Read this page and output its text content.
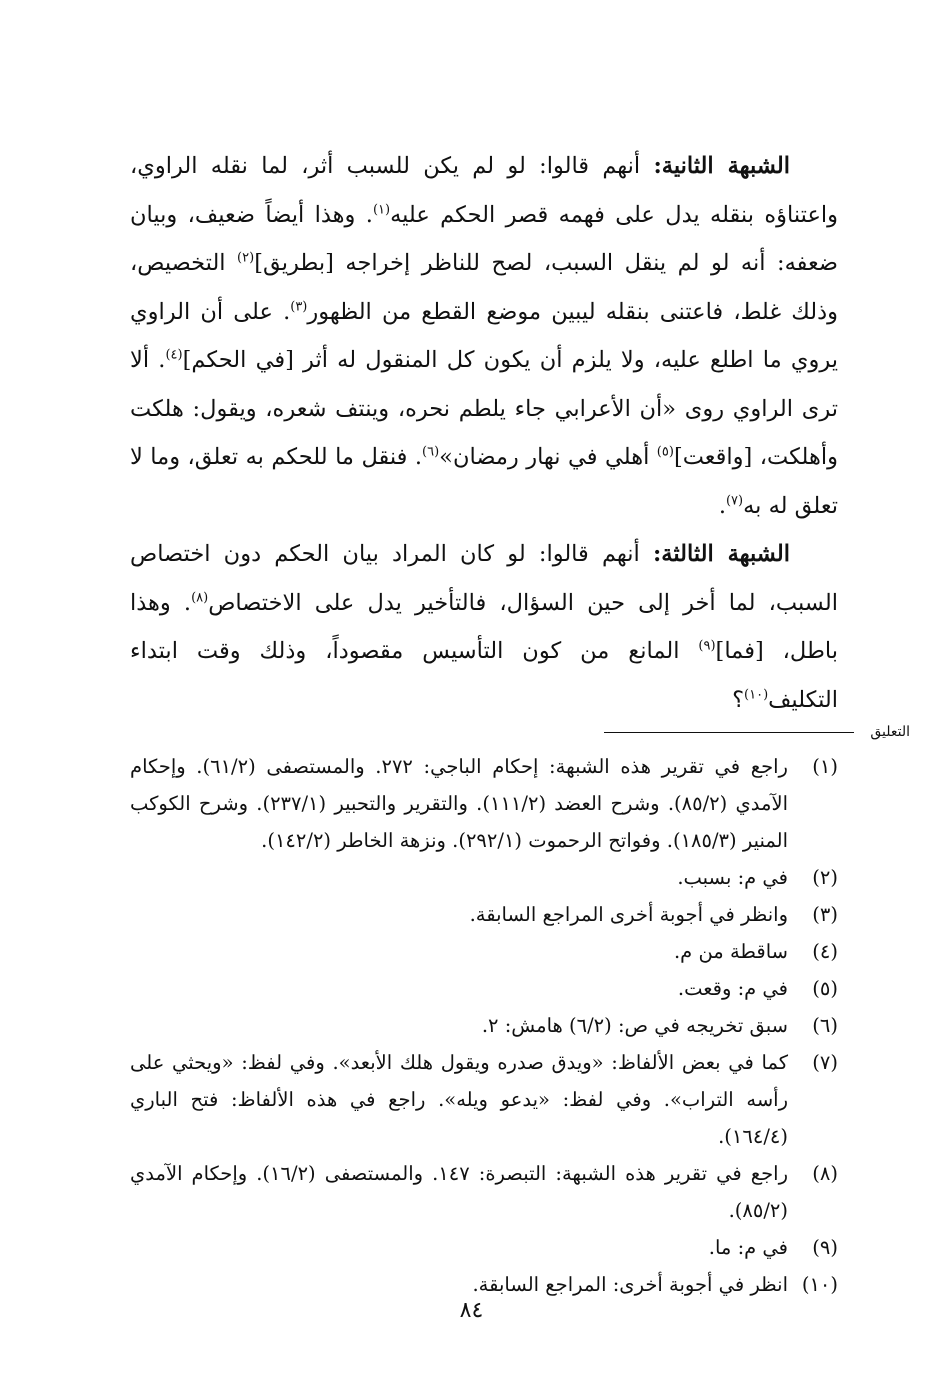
الشبهة الثانية: أنهم قالوا: لو لم يكن للسبب أثر، لما نقله الراوي، واعتناؤه بنقله يدل على فهمه قصر الحكم عليه$^{(١)}$. وهذا أيضاً ضعيف، وبيان ضعفه: أنه لو لم ينقل السبب، لصح للناظر إخراجه [بطريق]$^{(٢)}$ التخصيص، وذلك غلط، فاعتنى بنقله ليبين موضع القطع من الظهور$^{(٣)}$. على أن الراوي يروي ما اطلع عليه، ولا يلزم أن يكون كل المنقول له أثر [في الحكم]$^{(٤)}$. ألا ترى الراوي روى «أن الأعرابي جاء يلطم نحره، وينتف شعره، ويقول: هلكت وأهلكت، [واقعت]$^{(٥)}$ أهلي في نهار رمضان»$^{(٦)}$. فنقل ما للحكم به تعلق، وما لا تعلق له به$^{(٧)}$.

الشبهة الثالثة: أنهم قالوا: لو كان المراد بيان الحكم دون اختصاص السبب، لما أخر إلى حين السؤال، فالتأخير يدل على الاختصاص$^{(٨)}$. وهذا باطل، [فما]$^{(٩)}$ المانع من كون التأسيس مقصوداً، وذلك وقت ابتداء التكليف$^{(١٠)}$؟

التعليق
(١)
راجع في تقرير هذه الشبهة: إحكام الباجي: ٢٧٢. والمستصفى (٦١/٢). وإحكام الآمدي (٨٥/٢). وشرح العضد (١١١/٢). والتقرير والتحبير (٢٣٧/١). وشرح الكوكب المنير (١٨٥/٣). وفواتح الرحموت (٢٩٢/١). ونزهة الخاطر (١٤٢/٢).
(٢)
في م: بسبب.
(٣)
وانظر في أجوبة أخرى المراجع السابقة.
(٤)
ساقطة من م.
(٥)
في م: وقعت.
(٦)
سبق تخريجه في ص: (٦/٢) هامش: ٢.
(٧)
كما في بعض الألفاظ: «ويدق صدره ويقول هلك الأبعد». وفي لفظ: «ويحثي على رأسه التراب». وفي لفظ: «يدعو ويله». راجع في هذه الألفاظ: فتح الباري (١٦٤/٤).
(٨)
راجع في تقرير هذه الشبهة: التبصرة: ١٤٧. والمستصفى (١٦/٢). وإحكام الآمدي (٨٥/٢).
(٩)
في م: ما.
(١٠)
انظر في أجوبة أخرى: المراجع السابقة.
٨٤
